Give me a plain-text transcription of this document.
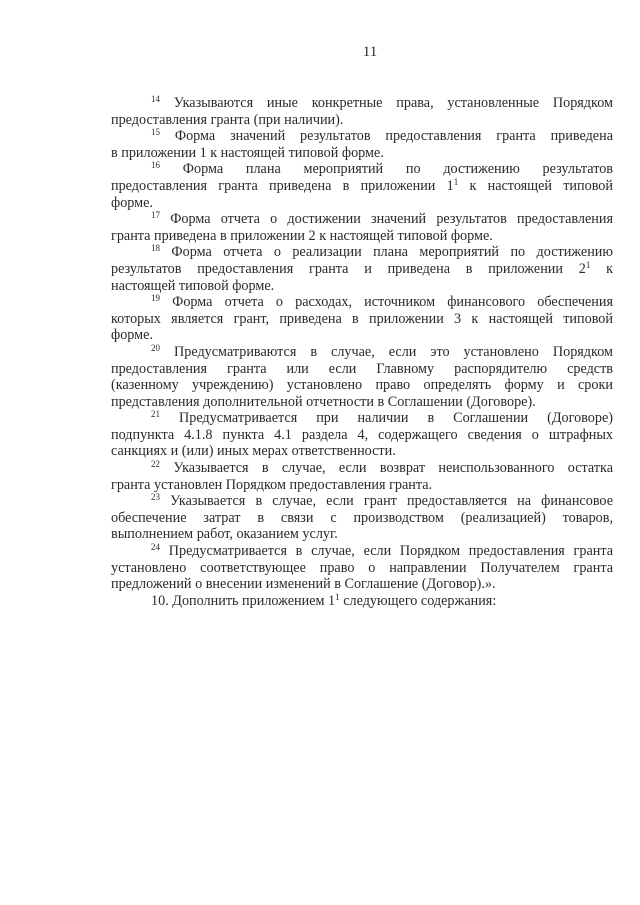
11
$^{14}$ Указываются иные конкретные права, установленные Порядком
предоставления гранта (при наличии).
$^{15}$ Форма значений результатов предоставления гранта приведена
в приложении 1 к настоящей типовой форме.
$^{16}$ Форма плана мероприятий по достижению результатов
предоставления гранта приведена в приложении $1^1$ к настоящей типовой
форме.
$^{17}$ Форма отчета о достижении значений результатов предоставления
гранта приведена в приложении 2 к настоящей типовой форме.
$^{18}$ Форма отчета о реализации плана мероприятий по достижению
результатов предоставления гранта и приведена в приложении $2^1$ к
настоящей типовой форме.
$^{19}$ Форма отчета о расходах, источником финансового обеспечения
которых является грант, приведена в приложении 3 к настоящей типовой
форме.
$^{20}$ Предусматриваются в случае, если это установлено Порядком
предоставления гранта или если Главному распорядителю средств
(казенному учреждению) установлено право определять форму и сроки
представления дополнительной отчетности в Соглашении (Договоре).
$^{21}$ Предусматривается при наличии в Соглашении (Договоре)
подпункта 4.1.8 пункта 4.1 раздела 4, содержащего сведения о штрафных
санкциях и (или) иных мерах ответственности.
$^{22}$ Указывается в случае, если возврат неиспользованного остатка
гранта установлен Порядком предоставления гранта.
$^{23}$ Указывается в случае, если грант предоставляется на финансовое
обеспечение затрат в связи с производством (реализацией) товаров,
выполнением работ, оказанием услуг.
$^{24}$ Предусматривается в случае, если Порядком предоставления гранта
установлено соответствующее право о направлении Получателем гранта
предложений о внесении изменений в Соглашение (Договор).».
10. Дополнить приложением $1^1$ следующего содержания:
